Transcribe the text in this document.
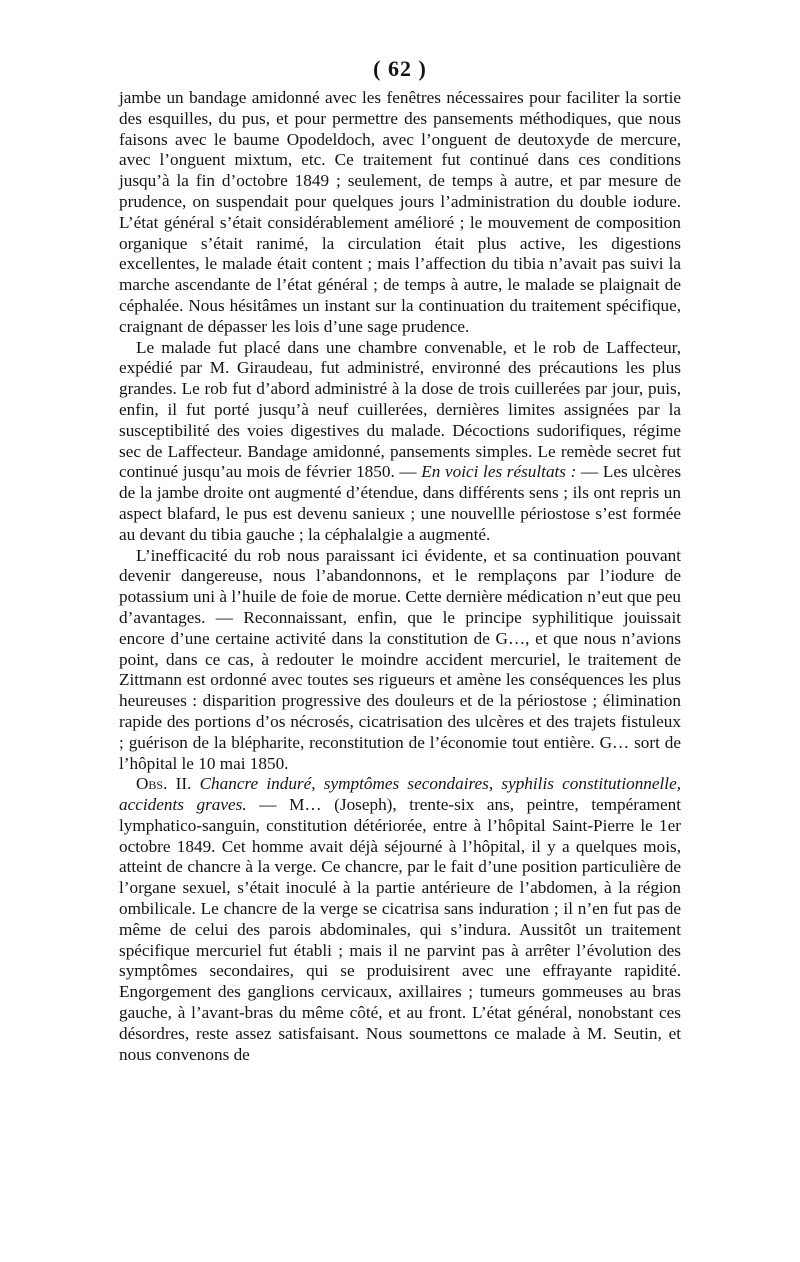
( 62 )

jambe un bandage amidonné avec les fenêtres nécessaires pour faciliter la sortie des esquilles, du pus, et pour permettre des pansements méthodiques, que nous faisons avec le baume Opodeldoch, avec l’onguent de deutoxyde de mercure, avec l’onguent mixtum, etc. Ce traitement fut continué dans ces conditions jusqu’à la fin d’octobre 1849 ; seulement, de temps à autre, et par mesure de prudence, on suspendait pour quelques jours l’administration du double iodure. L’état général s’était considérablement amélioré ; le mouvement de composition organique s’était ranimé, la circulation était plus active, les digestions excellentes, le malade était content ; mais l’affection du tibia n’avait pas suivi la marche ascendante de l’état général ; de temps à autre, le malade se plaignait de céphalée. Nous hésitâmes un instant sur la continuation du traitement spécifique, craignant de dépasser les lois d’une sage prudence.

Le malade fut placé dans une chambre convenable, et le rob de Laffecteur, expédié par M. Giraudeau, fut administré, environné des précautions les plus grandes. Le rob fut d’abord administré à la dose de trois cuillerées par jour, puis, enfin, il fut porté jusqu’à neuf cuillerées, dernières limites assignées par la susceptibilité des voies digestives du malade. Décoctions sudorifiques, régime sec de Laffecteur. Bandage amidonné, pansements simples. Le remède secret fut continué jusqu’au mois de février 1850. — En voici les résultats : — Les ulcères de la jambe droite ont augmenté d’étendue, dans différents sens ; ils ont repris un aspect blafard, le pus est devenu sanieux ; une nouvellle périostose s’est formée au devant du tibia gauche ; la céphalalgie a augmenté.

L’inefficacité du rob nous paraissant ici évidente, et sa continuation pouvant devenir dangereuse, nous l’abandonnons, et le remplaçons par l’iodure de potassium uni à l’huile de foie de morue. Cette dernière médication n’eut que peu d’avantages. — Reconnaissant, enfin, que le principe syphilitique jouissait encore d’une certaine activité dans la constitution de G…, et que nous n’avions point, dans ce cas, à redouter le moindre accident mercuriel, le traitement de Zittmann est ordonné avec toutes ses rigueurs et amène les conséquences les plus heureuses : disparition progressive des douleurs et de la périostose ; élimination rapide des portions d’os nécrosés, cicatrisation des ulcères et des trajets fistuleux ; guérison de la blépharite, reconstitution de l’économie tout entière. G… sort de l’hôpital le 10 mai 1850.

Obs. II. Chancre induré, symptômes secondaires, syphilis constitutionnelle, accidents graves. — M… (Joseph), trente-six ans, peintre, tempérament lymphatico-sanguin, constitution détériorée, entre à l’hôpital Saint-Pierre le 1er octobre 1849. Cet homme avait déjà séjourné à l’hôpital, il y a quelques mois, atteint de chancre à la verge. Ce chancre, par le fait d’une position particulière de l’organe sexuel, s’était inoculé à la partie antérieure de l’abdomen, à la région ombilicale. Le chancre de la verge se cicatrisa sans induration ; il n’en fut pas de même de celui des parois abdominales, qui s’indura. Aussitôt un traitement spécifique mercuriel fut établi ; mais il ne parvint pas à arrêter l’évolution des symptômes secondaires, qui se produisirent avec une effrayante rapidité. Engorgement des ganglions cervicaux, axillaires ; tumeurs gommeuses au bras gauche, à l’avant-bras du même côté, et au front. L’état général, nonobstant ces désordres, reste assez satisfaisant. Nous soumettons ce malade à M. Seutin, et nous convenons de
